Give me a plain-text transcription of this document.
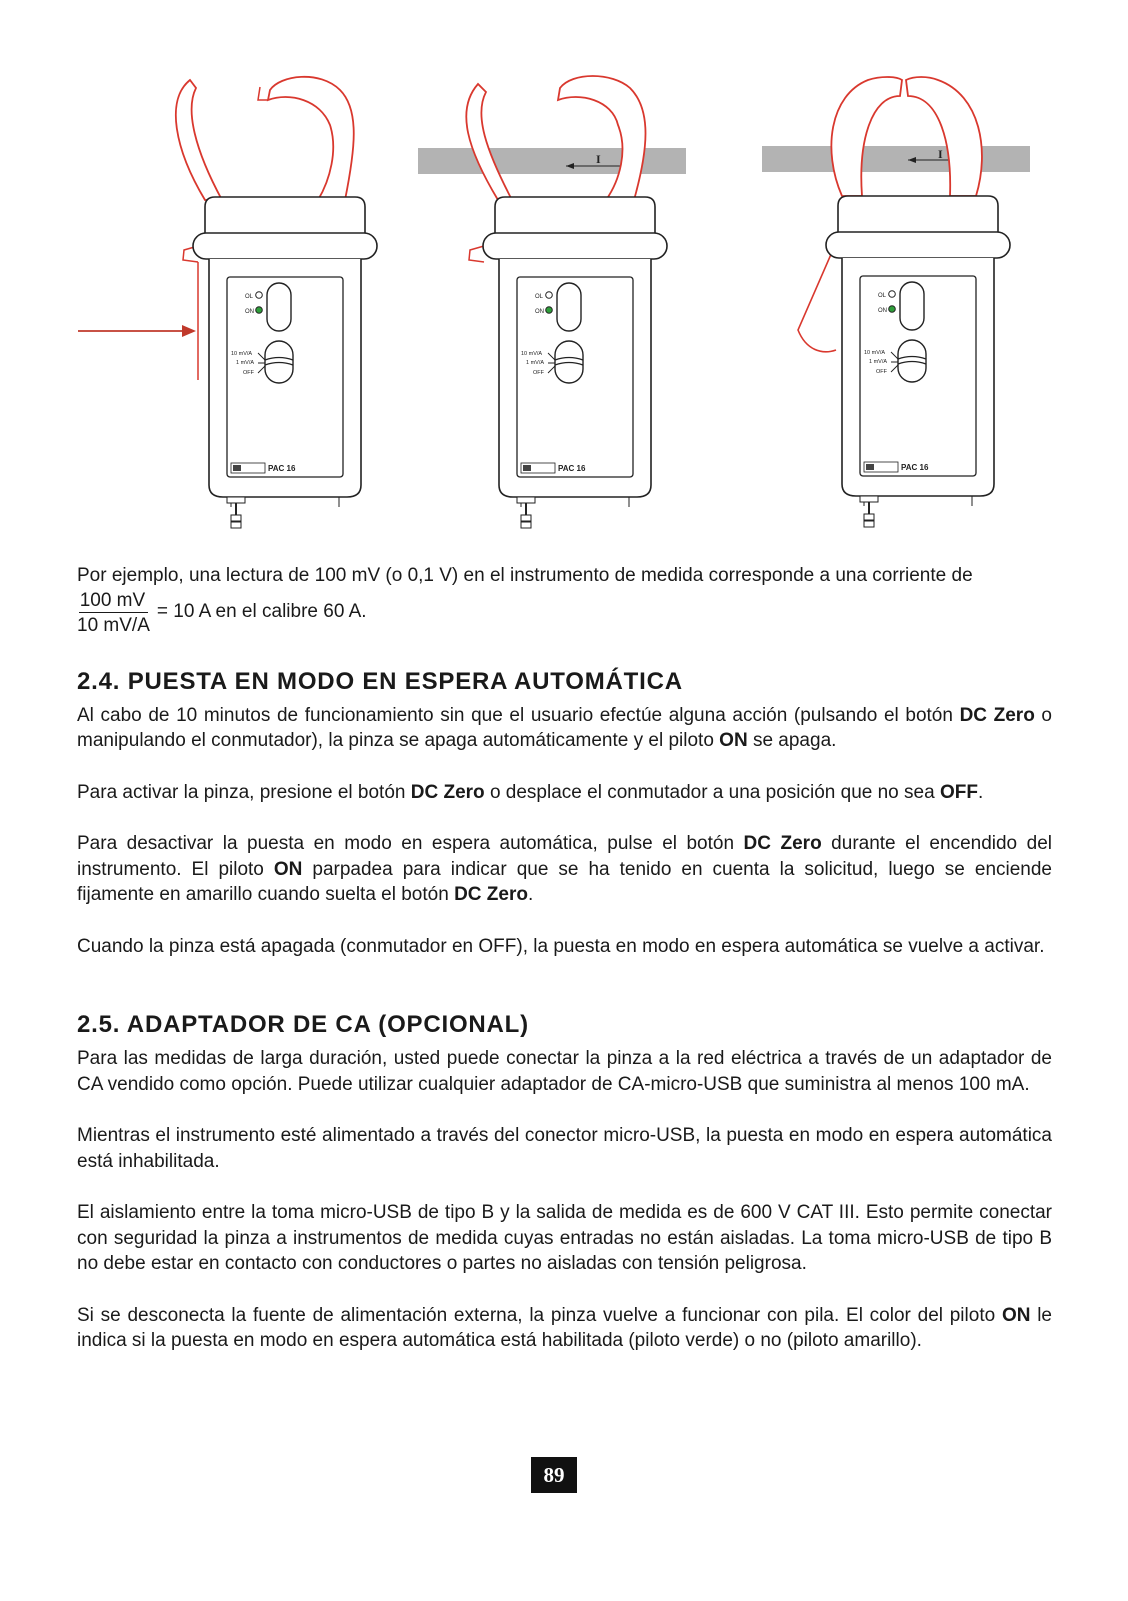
I	I
OL
ON
10 mV/A
1 mV/A
OFF
PAC 16
OL
ON
10 mV/A
1 mV/A
OFF
PAC 16
OL
ON
10 mV/A
1 mV/A
OFF
PAC 16

Por ejemplo, una lectura de 100 mV (o 0,1 V) en el instrumento de medida corresponde a una corriente de

$\frac{100 mV}{10 mV/A} = 10$ A en el calibre 60 A.
2.4. PUESTA EN MODO EN ESPERA AUTOMÁTICA

Al cabo de 10 minutos de funcionamiento sin que el usuario efectúe alguna acción (pulsando el botón DC Zero o manipulando el conmutador), la pinza se apaga automáticamente y el piloto ON se apaga.

Para activar la pinza, presione el botón DC Zero o desplace el conmutador a una posición que no sea OFF.

Para desactivar la puesta en modo en espera automática, pulse el botón DC Zero durante el encendido del instrumento. El piloto ON parpadea para indicar que se ha tenido en cuenta la solicitud, luego se enciende fijamente en amarillo cuando suelta el botón DC Zero.

Cuando la pinza está apagada (conmutador en OFF), la puesta en modo en espera automática se vuelve a activar.

2.5. ADAPTADOR DE CA (OPCIONAL)

Para las medidas de larga duración, usted puede conectar la pinza a la red eléctrica a través de un adaptador de CA vendido como opción. Puede utilizar cualquier adaptador de CA-micro-USB que suministra al menos 100 mA.

Mientras el instrumento esté alimentado a través del conector micro-USB, la puesta en modo en espera automática está inhabilitada.

El aislamiento entre la toma micro-USB de tipo B y la salida de medida es de 600 V CAT III. Esto permite conectar con seguridad la pinza a instrumentos de medida cuyas entradas no están aisladas. La toma micro-USB de tipo B no debe estar en contacto con conductores o partes no aisladas con tensión peligrosa.

Si se desconecta la fuente de alimentación externa, la pinza vuelve a funcionar con pila. El color del piloto ON le indica si la puesta en modo en espera automática está habilitada (piloto verde) o no (piloto amarillo).

89
